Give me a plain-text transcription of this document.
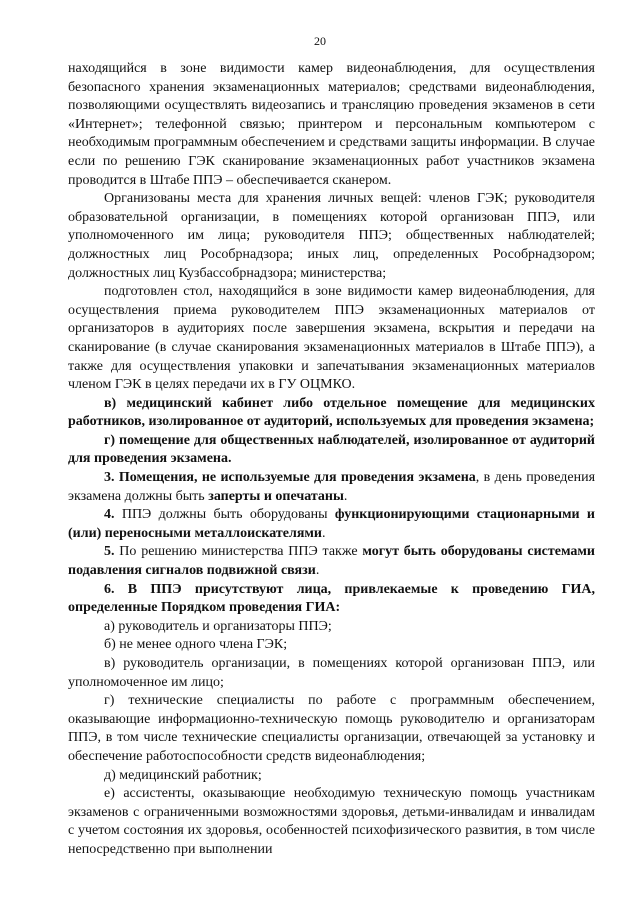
20

находящийся в зоне видимости камер видеонаблюдения, для осуществления безопасного хранения экзаменационных материалов; средствами видеонаблюдения, позволяющими осуществлять видеозапись и трансляцию проведения экзаменов в сети «Интернет»; телефонной связью; принтером и персональным компьютером с необходимым программным обеспечением и средствами защиты информации. В случае если по решению ГЭК сканирование экзаменационных работ участников экзамена проводится в Штабе ППЭ – обеспечивается сканером.

Организованы места для хранения личных вещей: членов ГЭК; руководителя образовательной организации, в помещениях которой организован ППЭ, или уполномоченного им лица; руководителя ППЭ; общественных наблюдателей; должностных лиц Рособрнадзора; иных лиц, определенных Рособрнадзором; должностных лиц Кузбассобрнадзора; министерства;

подготовлен стол, находящийся в зоне видимости камер видеонаблюдения, для осуществления приема руководителем ППЭ экзаменационных материалов от организаторов в аудиториях после завершения экзамена, вскрытия и передачи на сканирование (в случае сканирования экзаменационных материалов в Штабе ППЭ), а также для осуществления упаковки и запечатывания экзаменационных материалов членом ГЭК в целях передачи их в ГУ ОЦМКО.

в) медицинский кабинет либо отдельное помещение для медицинских работников, изолированное от аудиторий, используемых для проведения экзамена;

г) помещение для общественных наблюдателей, изолированное от аудиторий для проведения экзамена.

3. Помещения, не используемые для проведения экзамена, в день проведения экзамена должны быть заперты и опечатаны.

4. ППЭ должны быть оборудованы функционирующими стационарными и (или) переносными металлоискателями.

5. По решению министерства ППЭ также могут быть оборудованы системами подавления сигналов подвижной связи.

6. В ППЭ присутствуют лица, привлекаемые к проведению ГИА, определенные Порядком проведения ГИА:

а) руководитель и организаторы ППЭ;

б) не менее одного члена ГЭК;

в) руководитель организации, в помещениях которой организован ППЭ, или уполномоченное им лицо;

г) технические специалисты по работе с программным обеспечением, оказывающие информационно-техническую помощь руководителю и организаторам ППЭ, в том числе технические специалисты организации, отвечающей за установку и обеспечение работоспособности средств видеонаблюдения;

д) медицинский работник;

е) ассистенты, оказывающие необходимую техническую помощь участникам экзаменов с ограниченными возможностями здоровья, детьми-инвалидам и инвалидам с учетом состояния их здоровья, особенностей психофизического развития, в том числе непосредственно при выполнении
